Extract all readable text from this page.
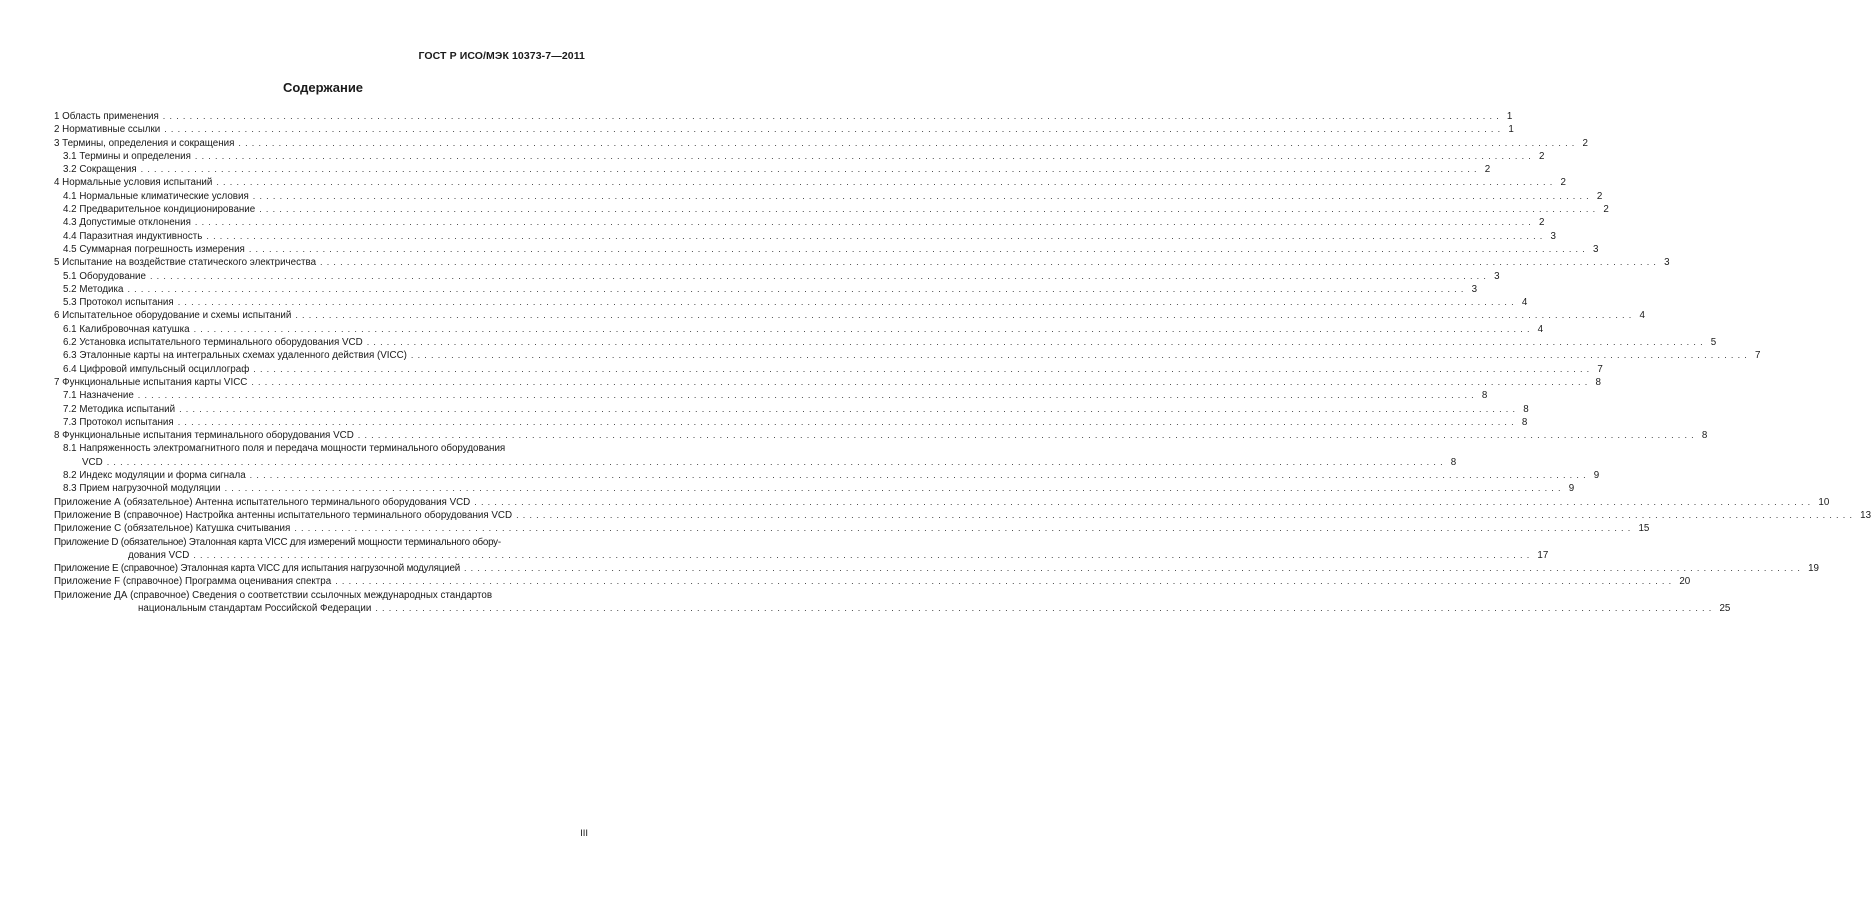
ГОСТ Р ИСО/МЭК 10373-7—2011
Содержание
1 Область применения ........................................................................................................................................................................................................ 1
2 Нормативные ссылки ........................................................................................................................................................................................................ 1
3 Термины, определения и сокращения ........................................................................................................................................................................................................ 2
3.1 Термины и определения ........................................................................................................................................................................................................ 2
3.2 Сокращения ........................................................................................................................................................................................................ 2
4 Нормальные условия испытаний ........................................................................................................................................................................................................ 2
4.1 Нормальные климатические условия ........................................................................................................................................................................................................ 2
4.2 Предварительное кондиционирование ........................................................................................................................................................................................................ 2
4.3 Допустимые отклонения ........................................................................................................................................................................................................ 2
4.4 Паразитная индуктивность ........................................................................................................................................................................................................ 3
4.5 Суммарная погрешность измерения ........................................................................................................................................................................................................ 3
5 Испытание на воздействие статического электричества ........................................................................................................................................................................................................ 3
5.1 Оборудование ........................................................................................................................................................................................................ 3
5.2 Методика ........................................................................................................................................................................................................ 3
5.3 Протокол испытания ........................................................................................................................................................................................................ 4
6 Испытательное оборудование и схемы испытаний ........................................................................................................................................................................................................ 4
6.1 Калибровочная катушка ........................................................................................................................................................................................................ 4
6.2 Установка испытательного терминального оборудования VCD ........................................................................................................................................................................................................ 5
6.3 Эталонные карты на интегральных схемах удаленного действия (VICC) ........................................................................................................................................................................................................ 7
6.4 Цифровой импульсный осциллограф ........................................................................................................................................................................................................ 7
7 Функциональные испытания карты VICC ........................................................................................................................................................................................................ 8
7.1 Назначение ........................................................................................................................................................................................................ 8
7.2 Методика испытаний ........................................................................................................................................................................................................ 8
7.3 Протокол испытания ........................................................................................................................................................................................................ 8
8 Функциональные испытания терминального оборудования VCD ........................................................................................................................................................................................................ 8
8.1 Напряженность электромагнитного поля и передача мощности терминального оборудования
VCD ........................................................................................................................................................................................................ 8
8.2 Индекс модуляции и форма сигнала ........................................................................................................................................................................................................ 9
8.3 Прием нагрузочной модуляции ........................................................................................................................................................................................................ 9
Приложение А (обязательное) Антенна испытательного терминального оборудования VCD ........................................................................................................................................................................................................ 10
Приложение В (справочное) Настройка антенны испытательного терминального оборудования VCD ........................................................................................................................................................................................................ 13
Приложение С (обязательное) Катушка считывания ........................................................................................................................................................................................................ 15
Приложение D (обязательное) Эталонная карта VICC для измерений мощности терминального обору-
дования VCD ........................................................................................................................................................................................................ 17
Приложение Е (справочное) Эталонная карта VICC для испытания нагрузочной модуляцией ........................................................................................................................................................................................................ 19
Приложение F (справочное) Программа оценивания спектра ........................................................................................................................................................................................................ 20
Приложение ДА (справочное) Сведения о соответствии ссылочных международных стандартов
национальным стандартам Российской Федерации ........................................................................................................................................................................................................ 25
III
